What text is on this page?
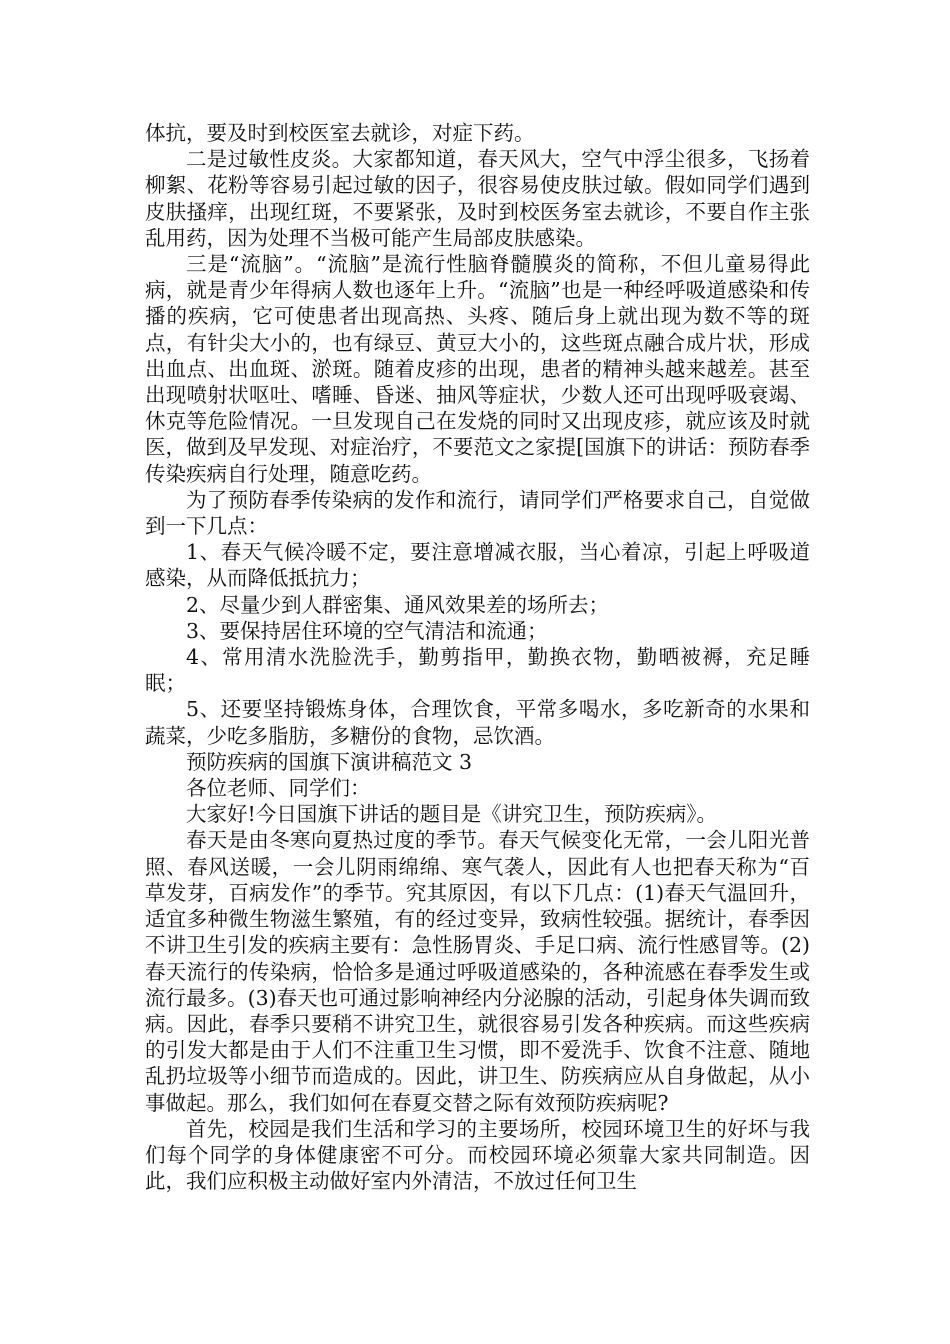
体抗，要及时到校医室去就诊，对症下药。

二是过敏性皮炎。大家都知道，春天风大，空气中浮尘很多，飞扬着柳絮、花粉等容易引起过敏的因子，很容易使皮肤过敏。假如同学们遇到皮肤搔痒，出现红斑，不要紧张，及时到校医务室去就诊，不要自作主张乱用药，因为处理不当极可能产生局部皮肤感染。

三是“流脑”。“流脑”是流行性脑脊髓膜炎的简称，不但儿童易得此病，就是青少年得病人数也逐年上升。“流脑”也是一种经呼吸道感染和传播的疾病，它可使患者出现高热、头疼、随后身上就出现为数不等的斑点，有针尖大小的，也有绿豆、黄豆大小的，这些斑点融合成片状，形成出血点、出血斑、淤斑。随着皮疹的出现，患者的精神头越来越差。甚至出现喷射状呕吐、嗜睡、昏迷、抽风等症状，少数人还可出现呼吸衰竭、休克等危险情况。一旦发现自己在发烧的同时又出现皮疹，就应该及时就医，做到及早发现、对症治疗，不要范文之家提[国旗下的讲话：预防春季传染疾病自行处理，随意吃药。

为了预防春季传染病的发作和流行，请同学们严格要求自己，自觉做到一下几点：

1、春天气候冷暖不定，要注意增减衣服，当心着凉，引起上呼吸道感染，从而降低抵抗力；

2、尽量少到人群密集、通风效果差的场所去；

3、要保持居住环境的空气清洁和流通；

4、常用清水洗脸洗手，勤剪指甲，勤换衣物，勤晒被褥，充足睡眠；

5、还要坚持锻炼身体，合理饮食，平常多喝水，多吃新奇的水果和蔬菜，少吃多脂肪，多糖份的食物，忌饮酒。

预防疾病的国旗下演讲稿范文 3

各位老师、同学们：

大家好!今日国旗下讲话的题目是《讲究卫生，预防疾病》。

春天是由冬寒向夏热过度的季节。春天气候变化无常，一会儿阳光普照、春风送暖，一会儿阴雨绵绵、寒气袭人，因此有人也把春天称为“百草发芽，百病发作”的季节。究其原因，有以下几点：(1)春天气温回升，适宜多种微生物滋生繁殖，有的经过变异，致病性较强。据统计，春季因不讲卫生引发的疾病主要有：急性肠胃炎、手足口病、流行性感冒等。(2)春天流行的传染病，恰恰多是通过呼吸道感染的，各种流感在春季发生或流行最多。(3)春天也可通过影响神经内分泌腺的活动，引起身体失调而致病。因此，春季只要稍不讲究卫生，就很容易引发各种疾病。而这些疾病的引发大都是由于人们不注重卫生习惯，即不爱洗手、饮食不注意、随地乱扔垃圾等小细节而造成的。因此，讲卫生、防疾病应从自身做起，从小事做起。那么，我们如何在春夏交替之际有效预防疾病呢?

首先，校园是我们生活和学习的主要场所，校园环境卫生的好坏与我们每个同学的身体健康密不可分。而校园环境必须靠大家共同制造。因此，我们应积极主动做好室内外清洁，不放过任何卫生
